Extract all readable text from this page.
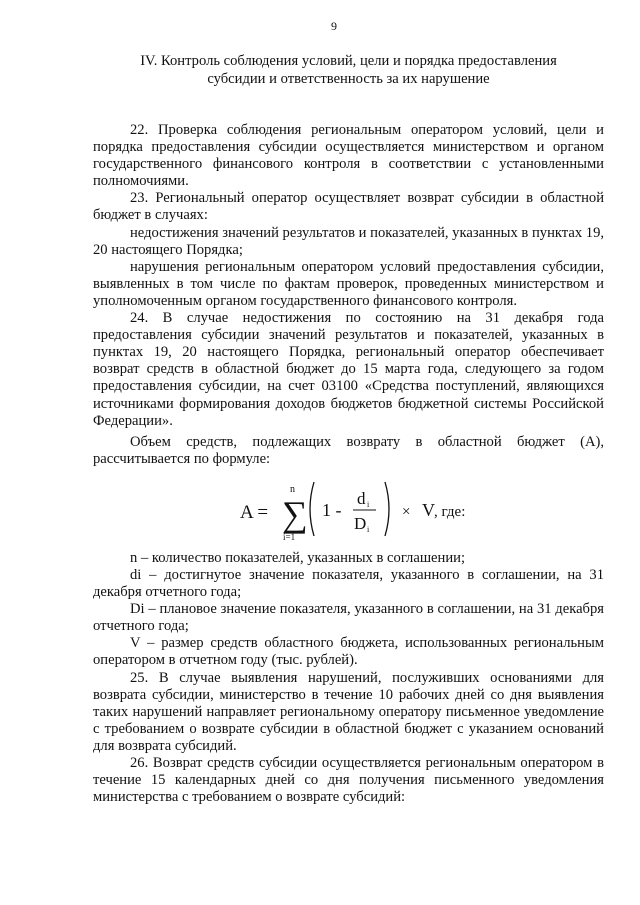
9
IV. Контроль соблюдения условий, цели и порядка предоставления
субсидии и ответственность за их нарушение

22. Проверка соблюдения региональным оператором условий, цели и порядка предоставления субсидии осуществляется министерством и органом государственного финансового контроля в соответствии с установленными полномочиями.

23. Региональный оператор осуществляет возврат субсидии в областной бюджет в случаях:

недостижения значений результатов и показателей, указанных в пунктах 19, 20 настоящего Порядка;

нарушения региональным оператором условий предоставления субсидии, выявленных в том числе по фактам проверок, проведенных министерством и уполномоченным органом государственного финансового контроля.

24. В случае недостижения по состоянию на 31 декабря года предоставления субсидии значений результатов и показателей, указанных в пунктах 19, 20 настоящего Порядка, региональный оператор обеспечивает возврат средств в областной бюджет до 15 марта года, следующего за годом предоставления субсидии, на счет 03100 «Средства поступлений, являющихся источниками формирования доходов бюджетов бюджетной системы Российской Федерации».

Объем средств, подлежащих возврату в областной бюджет (А), рассчитывается по формуле:

A =
n
∑
i=1
1 -
d i
D i
× V , где:

n – количество показателей, указанных в соглашении;

di – достигнутое значение показателя, указанного в соглашении, на 31 декабря отчетного года;

Di – плановое значение показателя, указанного в соглашении, на 31 декабря отчетного года;

V – размер средств областного бюджета, использованных региональным оператором в отчетном году (тыс. рублей).

25. В случае выявления нарушений, послуживших основаниями для возврата субсидии, министерство в течение 10 рабочих дней со дня выявления таких нарушений направляет региональному оператору письменное уведомление с требованием о возврате субсидии в областной бюджет с указанием оснований для возврата субсидий.

26. Возврат средств субсидии осуществляется региональным оператором в течение 15 календарных дней со дня получения письменного уведомления министерства с требованием о возврате субсидий:
